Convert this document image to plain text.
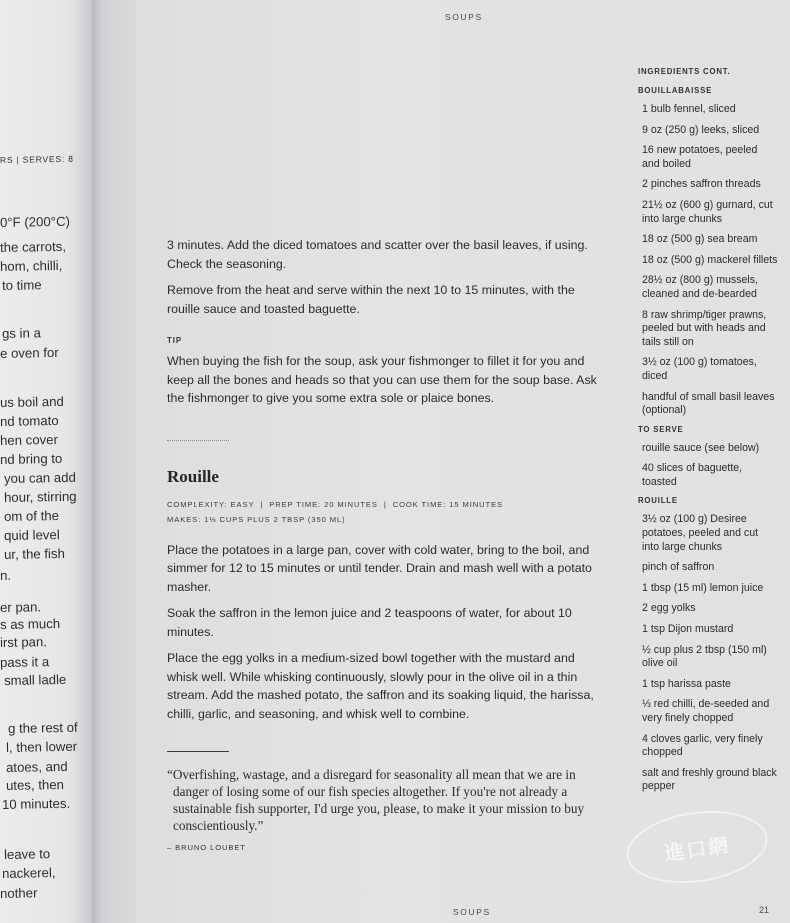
RS | SERVES: 8
0°F (200°C)
the carrots,
hom, chilli,
to time
gs in a
e oven for
us boil and
nd tomato
hen cover
nd bring to
you can add
hour, stirring
om of the
quid level
ur, the fish
n.
er pan.
s as much
irst pan.
pass it a
small ladle
g the rest of
l, then lower
atoes, and
utes, then
10 minutes.
leave to
nackerel,
nother
SOUPS

3 minutes. Add the diced tomatoes and scatter over the basil leaves, if using. Check the seasoning.

Remove from the heat and serve within the next 10 to 15 minutes, with the rouille sauce and toasted baguette.

TIP

When buying the fish for the soup, ask your fishmonger to fillet it for you and keep all the bones and heads so that you can use them for the soup base. Ask the fishmonger to give you some extra sole or plaice bones.

Rouille
COMPLEXITY: EASY | PREP TIME: 20 MINUTES | COOK TIME: 15 MINUTES
MAKES: 1⅓ CUPS PLUS 2 TBSP (350 ML)

Place the potatoes in a large pan, cover with cold water, bring to the boil, and simmer for 12 to 15 minutes or until tender. Drain and mash well with a potato masher.

Soak the saffron in the lemon juice and 2 teaspoons of water, for about 10 minutes.

Place the egg yolks in a medium-sized bowl together with the mustard and whisk well. While whisking continuously, slowly pour in the olive oil in a thin stream. Add the mashed potato, the saffron and its soaking liquid, the harissa, chilli, garlic, and seasoning, and whisk well to combine.

“Overfishing, wastage, and a disregard for seasonality all mean that we are in danger of losing some of our fish species altogether. If you're not already a sustainable fish supporter, I'd urge you, please, to make it your mission to buy conscientiously.”

– BRUNO LOUBET
INGREDIENTS CONT.
BOUILLABAISSE
1 bulb fennel, sliced
9 oz (250 g) leeks, sliced
16 new potatoes, peeled and boiled
2 pinches saffron threads
21½ oz (600 g) gurnard, cut into large chunks
18 oz (500 g) sea bream
18 oz (500 g) mackerel fillets
28½ oz (800 g) mussels, cleaned and de-bearded
8 raw shrimp/tiger prawns, peeled but with heads and tails still on
3½ oz (100 g) tomatoes, diced
handful of small basil leaves (optional)
TO SERVE
rouille sauce (see below)
40 slices of baguette, toasted
ROUILLE
3½ oz (100 g) Desiree potatoes, peeled and cut into large chunks
pinch of saffron
1 tbsp (15 ml) lemon juice
2 egg yolks
1 tsp Dijon mustard
½ cup plus 2 tbsp (150 ml) olive oil
1 tsp harissa paste
⅓ red chilli, de-seeded and very finely chopped
4 cloves garlic, very finely chopped
salt and freshly ground black pepper
進口網
SOUPS	21
